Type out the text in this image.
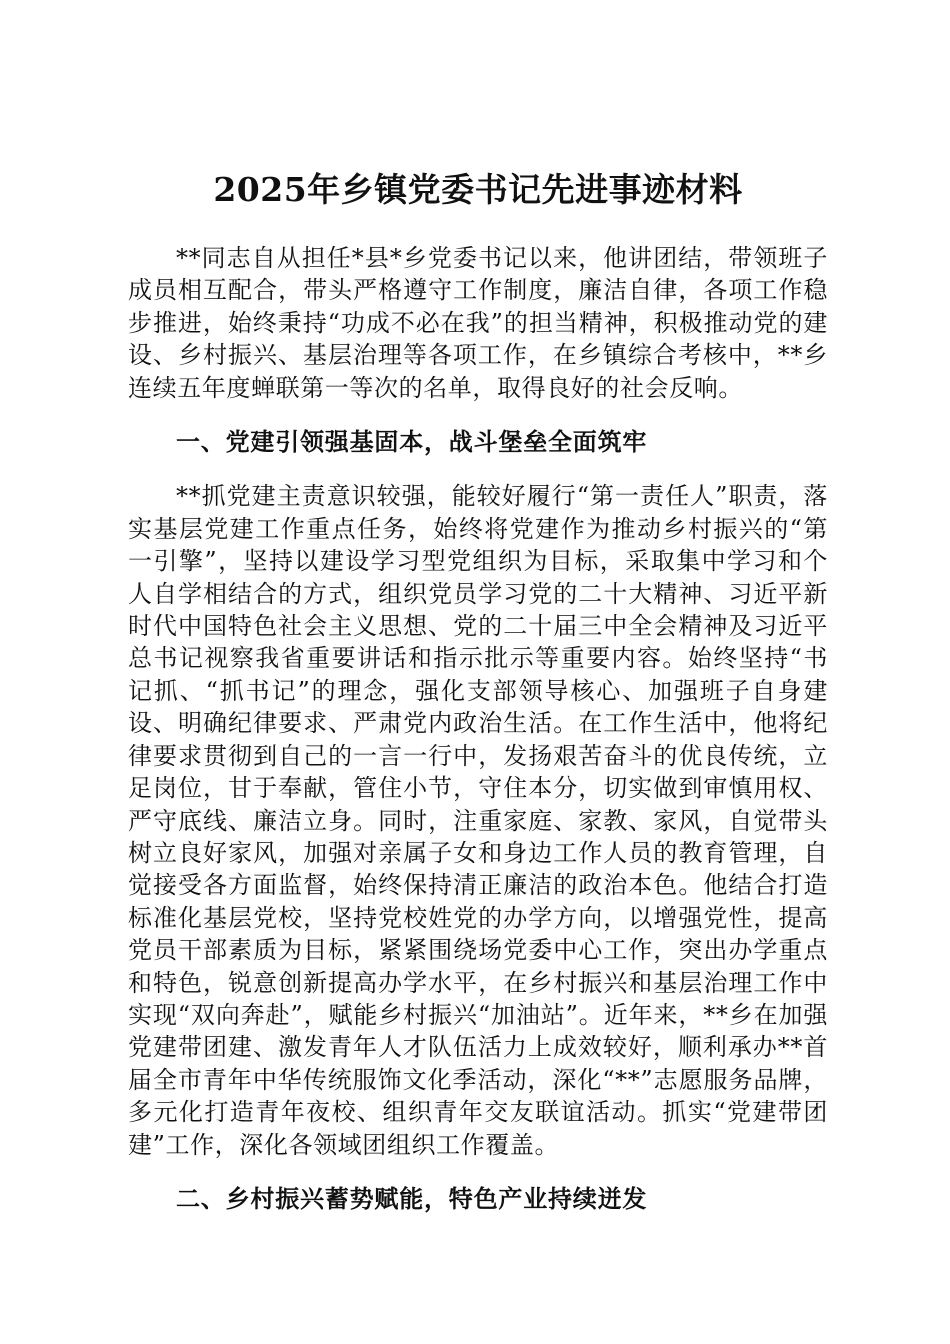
2025年乡镇党委书记先进事迹材料

**同志自从担任*县*乡党委书记以来，他讲团结，带领班子成员相互配合，带头严格遵守工作制度，廉洁自律，各项工作稳步推进，始终秉持“功成不必在我”的担当精神，积极推动党的建设、乡村振兴、基层治理等各项工作，在乡镇综合考核中，**乡连续五年度蝉联第一等次的名单，取得良好的社会反响。

一、党建引领强基固本，战斗堡垒全面筑牢

**抓党建主责意识较强，能较好履行“第一责任人”职责，落实基层党建工作重点任务，始终将党建作为推动乡村振兴的“第一引擎”，坚持以建设学习型党组织为目标，采取集中学习和个人自学相结合的方式，组织党员学习党的二十大精神、习近平新时代中国特色社会主义思想、党的二十届三中全会精神及习近平总书记视察我省重要讲话和指示批示等重要内容。始终坚持“书记抓、“抓书记”的理念，强化支部领导核心、加强班子自身建设、明确纪律要求、严肃党内政治生活。在工作生活中，他将纪律要求贯彻到自己的一言一行中，发扬艰苦奋斗的优良传统，立足岗位，甘于奉献，管住小节，守住本分，切实做到审慎用权、严守底线、廉洁立身。同时，注重家庭、家教、家风，自觉带头树立良好家风，加强对亲属子女和身边工作人员的教育管理，自觉接受各方面监督，始终保持清正廉洁的政治本色。他结合打造标准化基层党校，坚持党校姓党的办学方向，以增强党性，提高党员干部素质为目标，紧紧围绕场党委中心工作，突出办学重点和特色，锐意创新提高办学水平，在乡村振兴和基层治理工作中实现“双向奔赴”，赋能乡村振兴“加油站”。近年来，**乡在加强党建带团建、激发青年人才队伍活力上成效较好，顺利承办**首届全市青年中华传统服饰文化季活动，深化“**”志愿服务品牌，多元化打造青年夜校、组织青年交友联谊活动。抓实“党建带团建”工作，深化各领域团组织工作覆盖。

二、乡村振兴蓄势赋能，特色产业持续迸发
